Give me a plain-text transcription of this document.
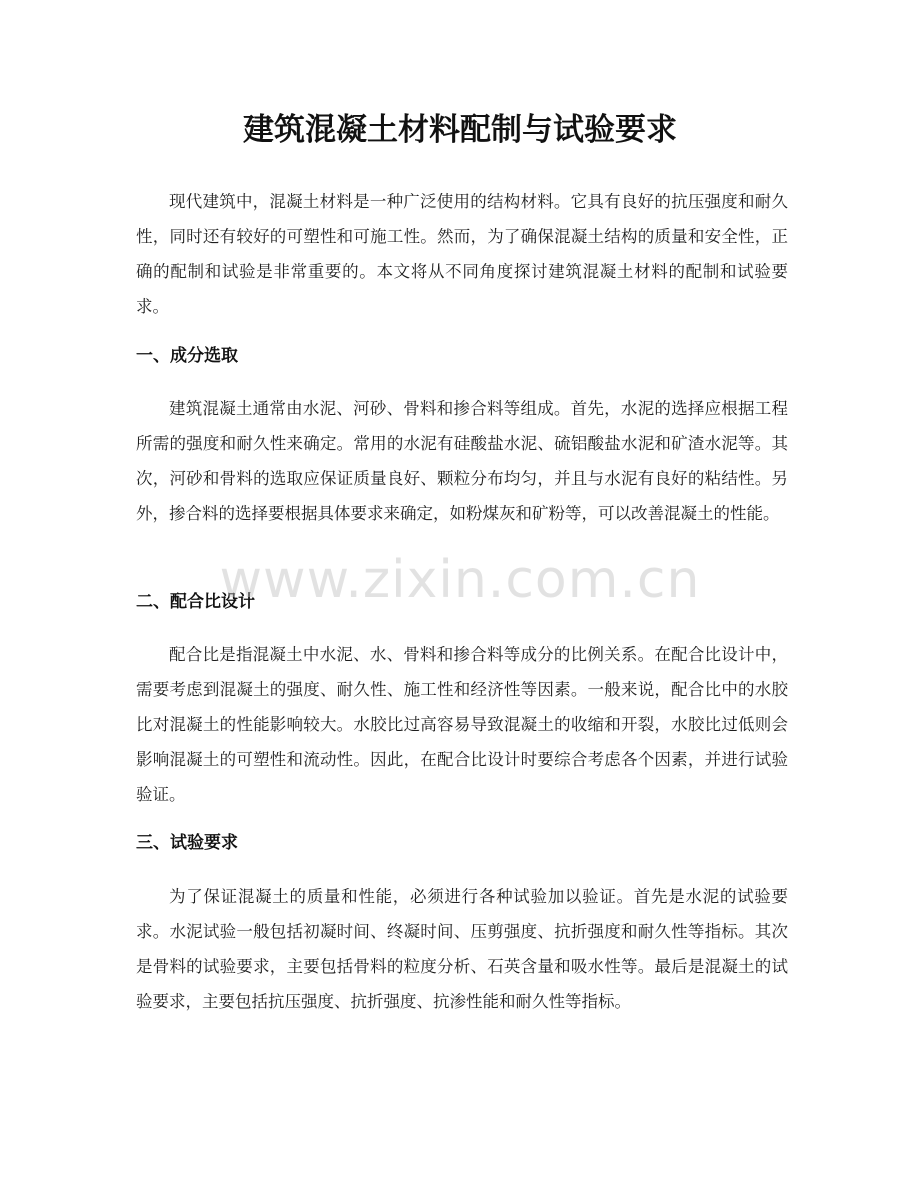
建筑混凝土材料配制与试验要求

现代建筑中，混凝土材料是一种广泛使用的结构材料。它具有良好的抗压强度和耐久性，同时还有较好的可塑性和可施工性。然而，为了确保混凝土结构的质量和安全性，正确的配制和试验是非常重要的。本文将从不同角度探讨建筑混凝土材料的配制和试验要求。

一、成分选取

建筑混凝土通常由水泥、河砂、骨料和掺合料等组成。首先，水泥的选择应根据工程所需的强度和耐久性来确定。常用的水泥有硅酸盐水泥、硫铝酸盐水泥和矿渣水泥等。其次，河砂和骨料的选取应保证质量良好、颗粒分布均匀，并且与水泥有良好的粘结性。另外，掺合料的选择要根据具体要求来确定，如粉煤灰和矿粉等，可以改善混凝土的性能。

二、配合比设计

配合比是指混凝土中水泥、水、骨料和掺合料等成分的比例关系。在配合比设计中，需要考虑到混凝土的强度、耐久性、施工性和经济性等因素。一般来说，配合比中的水胶比对混凝土的性能影响较大。水胶比过高容易导致混凝土的收缩和开裂，水胶比过低则会影响混凝土的可塑性和流动性。因此，在配合比设计时要综合考虑各个因素，并进行试验验证。

三、试验要求

为了保证混凝土的质量和性能，必须进行各种试验加以验证。首先是水泥的试验要求。水泥试验一般包括初凝时间、终凝时间、压剪强度、抗折强度和耐久性等指标。其次是骨料的试验要求，主要包括骨料的粒度分析、石英含量和吸水性等。最后是混凝土的试验要求，主要包括抗压强度、抗折强度、抗渗性能和耐久性等指标。

www.zixin.com.cn
